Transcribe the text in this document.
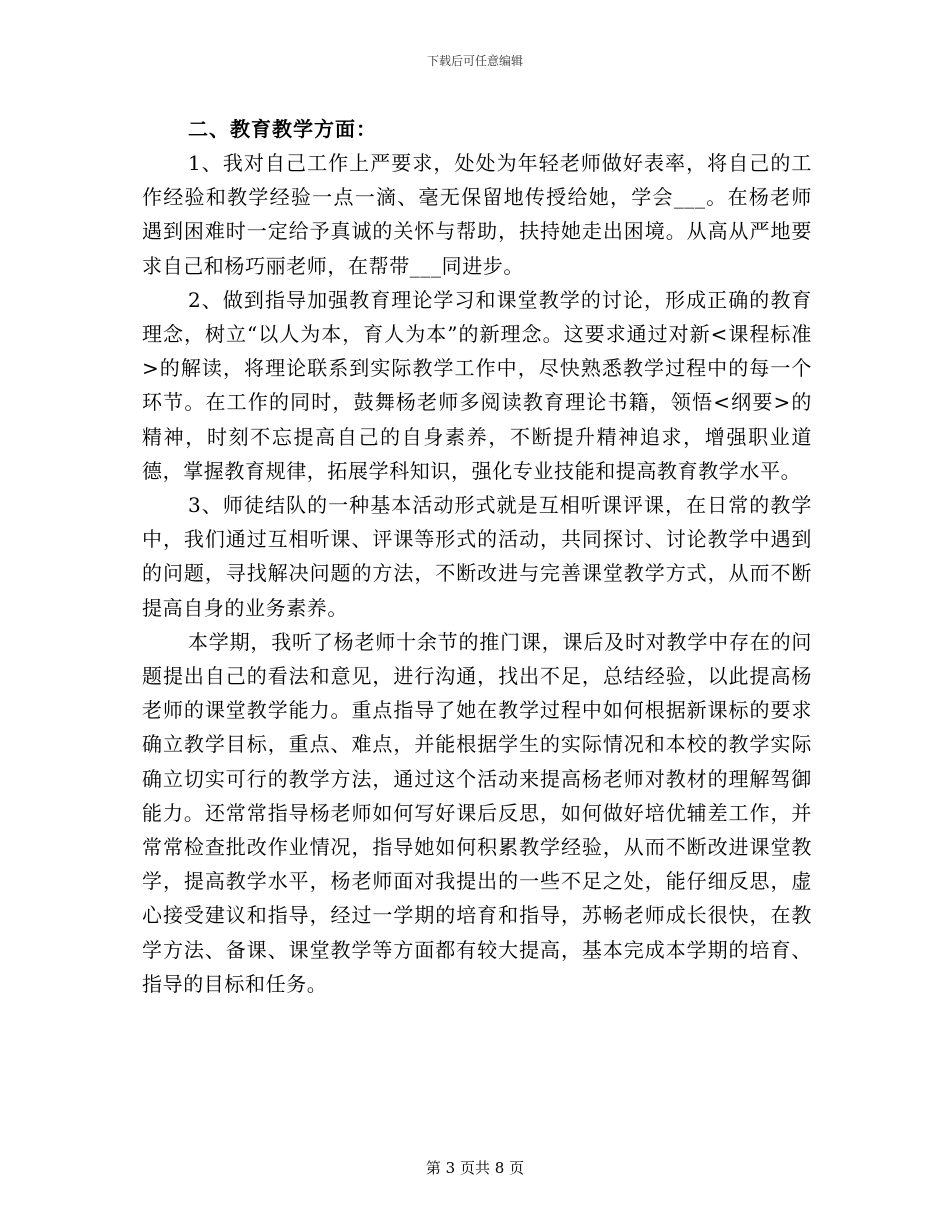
下载后可任意编辑

二、教育教学方面：

1、我对自己工作上严要求，处处为年轻老师做好表率，将自己的工作经验和教学经验一点一滴、毫无保留地传授给她，学会___。在杨老师遇到困难时一定给予真诚的关怀与帮助，扶持她走出困境。从高从严地要求自己和杨巧丽老师，在帮带___同进步。

2、做到指导加强教育理论学习和课堂教学的讨论，形成正确的教育理念，树立“以人为本，育人为本”的新理念。这要求通过对新<课程标准>的解读，将理论联系到实际教学工作中，尽快熟悉教学过程中的每一个环节。在工作的同时，鼓舞杨老师多阅读教育理论书籍，领悟<纲要>的精神，时刻不忘提高自己的自身素养，不断提升精神追求，增强职业道德，掌握教育规律，拓展学科知识，强化专业技能和提高教育教学水平。

3、师徒结队的一种基本活动形式就是互相听课评课，在日常的教学中，我们通过互相听课、评课等形式的活动，共同探讨、讨论教学中遇到的问题，寻找解决问题的方法，不断改进与完善课堂教学方式，从而不断提高自身的业务素养。

本学期，我听了杨老师十余节的推门课，课后及时对教学中存在的问题提出自己的看法和意见，进行沟通，找出不足，总结经验，以此提高杨老师的课堂教学能力。重点指导了她在教学过程中如何根据新课标的要求确立教学目标，重点、难点，并能根据学生的实际情况和本校的教学实际确立切实可行的教学方法，通过这个活动来提高杨老师对教材的理解驾御能力。还常常指导杨老师如何写好课后反思，如何做好培优辅差工作，并常常检查批改作业情况，指导她如何积累教学经验，从而不断改进课堂教学，提高教学水平，杨老师面对我提出的一些不足之处，能仔细反思，虚心接受建议和指导，经过一学期的培育和指导，苏畅老师成长很快，在教学方法、备课、课堂教学等方面都有较大提高，基本完成本学期的培育、指导的目标和任务。

第 3 页共 8 页
